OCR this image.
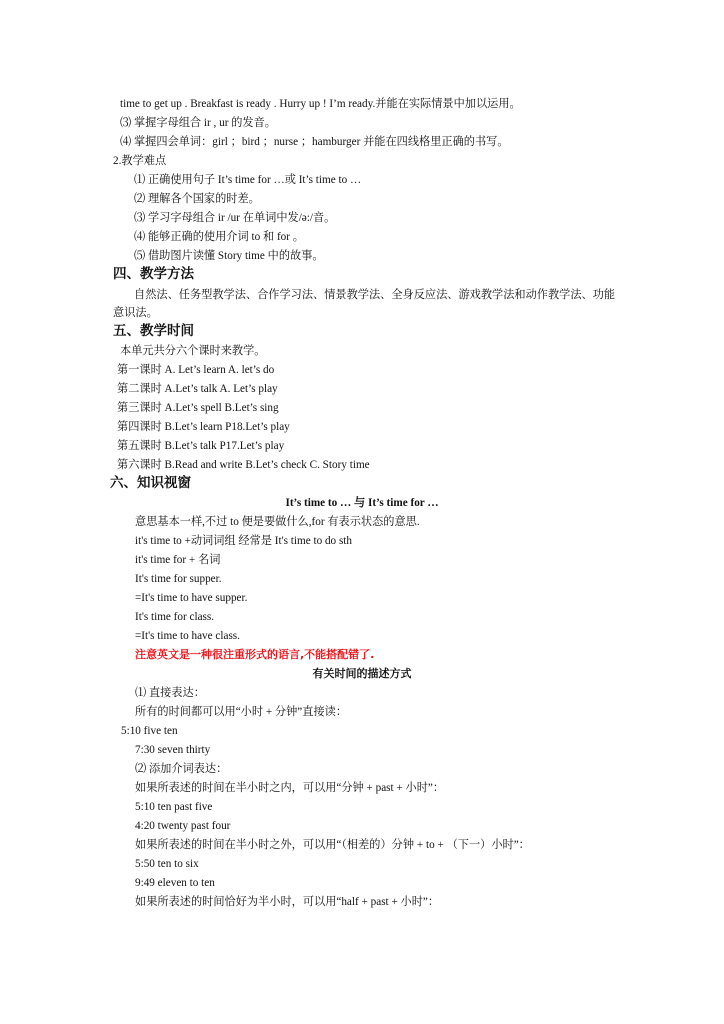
time to get up . Breakfast is ready . Hurry up ! I’m ready.并能在实际情景中加以运用。
⑶ 掌握字母组合 ir , ur 的发音。
⑷ 掌握四会单词：girl ；bird ；nurse ；hamburger 并能在四线格里正确的书写。
2.教学难点
⑴ 正确使用句子 It’s time for …或 It’s time to …
⑵ 理解各个国家的时差。
⑶ 学习字母组合 ir /ur 在单词中发/ə:/音。
⑷ 能够正确的使用介词 to 和 for 。
⑸ 借助图片读懂 Story time 中的故事。
四、教学方法
自然法、任务型教学法、合作学习法、情景教学法、全身反应法、游戏教学法和动作教学法、功能意识法。
五、教学时间
本单元共分六个课时来教学。
第一课时 A. Let’s learn A. let’s do
第二课时 A.Let’s talk A. Let’s play
第三课时 A.Let’s spell B.Let’s sing
第四课时 B.Let’s learn P18.Let’s play
第五课时 B.Let’s talk P17.Let’s play
第六课时 B.Read and write B.Let’s check C. Story time
六、知识视窗
It’s time to … 与 It’s time for …
意思基本一样,不过 to 便是要做什么,for 有表示状态的意思.
it's time to +动词词组 经常是 It's time to do sth
it's time for + 名词
It's time for supper.
=It's time to have supper.
It's time for class.
=It's time to have class.
注意英文是一种很注重形式的语言,不能搭配错了.
有关时间的描述方式
⑴ 直接表达：
所有的时间都可以用“小时 + 分钟”直接读：
5:10 five ten
7:30 seven thirty
⑵ 添加介词表达：
如果所表述的时间在半小时之内，可以用“分钟 + past + 小时”：
5:10 ten past five
4:20 twenty past four
如果所表述的时间在半小时之外，可以用“（相差的）分钟 + to + （下一）小时”：
5:50 ten to six
9:49 eleven to ten
如果所表述的时间恰好为半小时，可以用“half + past + 小时”：
